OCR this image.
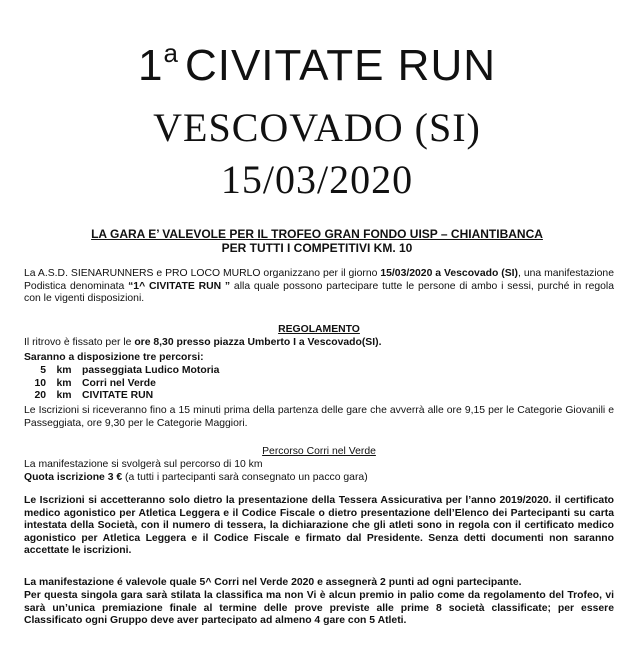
1$^a$ CIVITATE RUN
VESCOVADO (SI)
15/03/2020
LA GARA E’ VALEVOLE PER IL TROFEO GRAN FONDO UISP – CHIANTIBANCA
PER TUTTI I COMPETITIVI KM. 10
La A.S.D. SIENARUNNERS e PRO LOCO MURLO organizzano per il giorno 15/03/2020 a Vescovado (SI), una manifestazione Podistica denominata “1^ CIVITATE RUN ” alla quale possono partecipare tutte le persone di ambo i sessi, purché in regola con le vigenti disposizioni.
REGOLAMENTO
Il ritrovo è fissato per le ore 8,30 presso piazza Umberto I a Vescovado(SI).
Saranno a disposizione tre percorsi:
5	km	passeggiata Ludico Motoria
10	km	Corri nel Verde
20	km	CIVITATE RUN
Le Iscrizioni si riceveranno fino a 15 minuti prima della partenza delle gare che avverrà alle ore 9,15 per le Categorie Giovanili e Passeggiata, ore 9,30 per le Categorie Maggiori.
Percorso Corri nel Verde
La manifestazione si svolgerà sul percorso di 10 km
Quota iscrizione 3 € (a tutti i partecipanti sarà consegnato un pacco gara)
Le Iscrizioni si accetteranno solo dietro la presentazione della Tessera Assicurativa per l’anno 2019/2020. il certificato medico agonistico per Atletica Leggera e il Codice Fiscale o dietro presentazione dell’Elenco dei Partecipanti su carta intestata della Società, con il numero di tessera, la dichiarazione che gli atleti sono in regola con il certificato medico agonistico per Atletica Leggera e il Codice Fiscale e firmato dal Presidente. Senza detti documenti non saranno accettate le iscrizioni.
La manifestazione é valevole quale 5^ Corri nel Verde 2020 e assegnerà 2 punti ad ogni partecipante.
Per questa singola gara sarà stilata la classifica ma non Vi è alcun premio in palio come da regolamento del Trofeo, vi sarà un’unica premiazione finale al termine delle prove previste alle prime 8 società classificate; per essere Classificato ogni Gruppo deve aver partecipato ad almeno 4 gare con 5 Atleti.
